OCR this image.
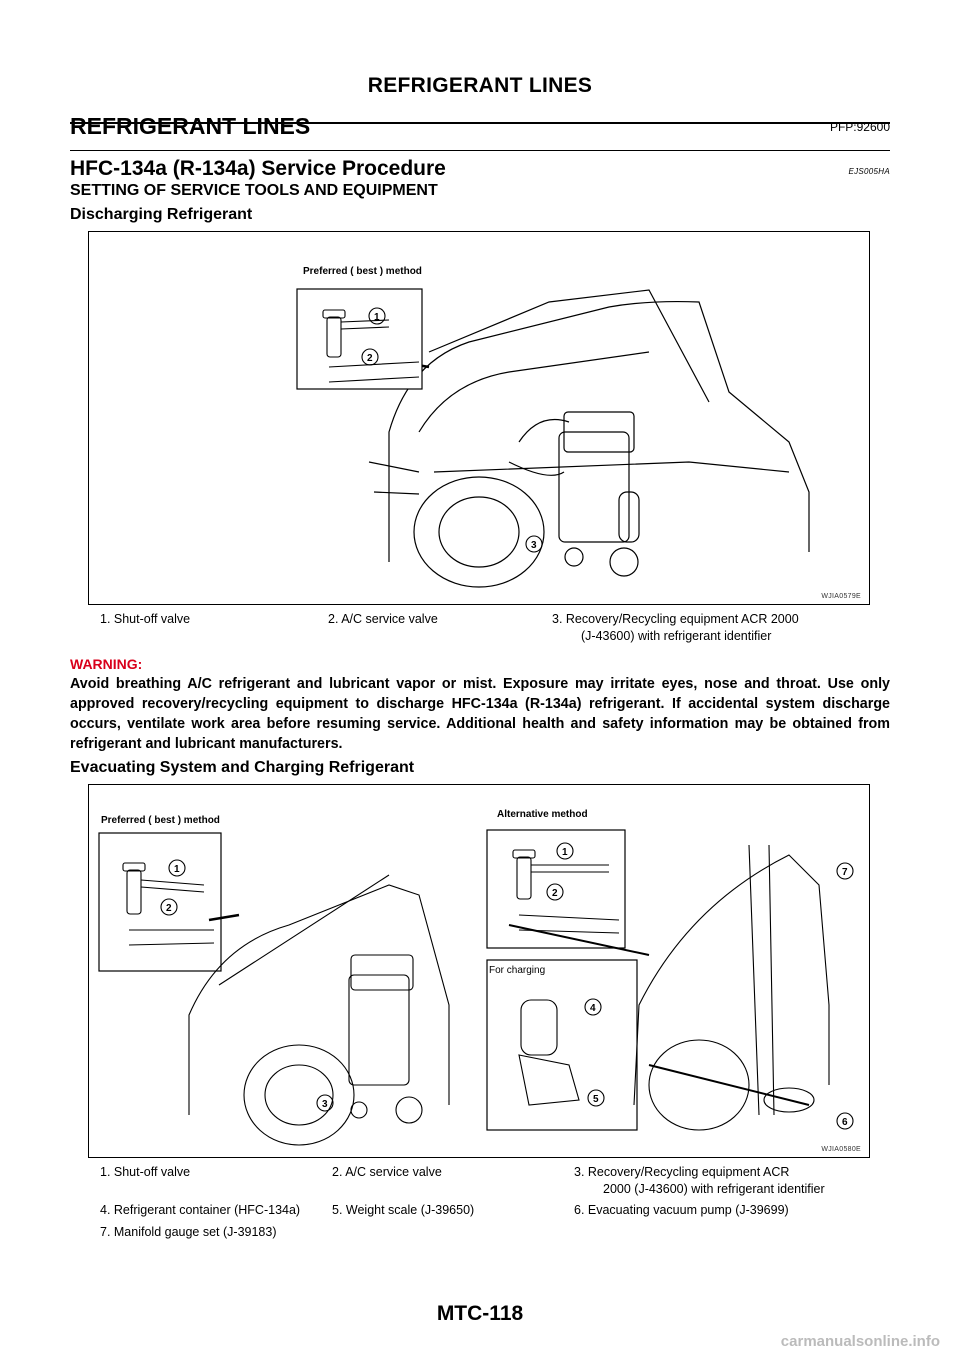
REFRIGERANT LINES
REFRIGERANT LINES	PFP:92600
HFC-134a (R-134a) Service Procedure	EJS005HA
SETTING OF SERVICE TOOLS AND EQUIPMENT
Discharging Refrigerant
Preferred ( best ) method
1
2
3
WJIA0579E
1. Shut-off valve	2. A/C service valve	3. Recovery/Recycling equipment ACR 2000
(J-43600) with refrigerant identifier
WARNING:
Avoid breathing A/C refrigerant and lubricant vapor or mist. Exposure may irritate eyes, nose and throat. Use only approved recovery/recycling equipment to discharge HFC-134a (R-134a) refrigerant. If accidental system discharge occurs, ventilate work area before resuming service. Additional health and safety information may be obtained from refrigerant and lubricant manufacturers.
Evacuating System and Charging Refrigerant
Preferred ( best ) method
Alternative method
For charging
1
2
3
1
2
4
5
6
7
WJIA0580E
1. Shut-off valve	2. A/C service valve	3. Recovery/Recycling equipment ACR
2000 (J-43600) with refrigerant identifier
4. Refrigerant container (HFC-134a)	5. Weight scale (J-39650)	6. Evacuating vacuum pump (J-39699)
7. Manifold gauge set (J-39183)
MTC-118
carmanualsonline.info
